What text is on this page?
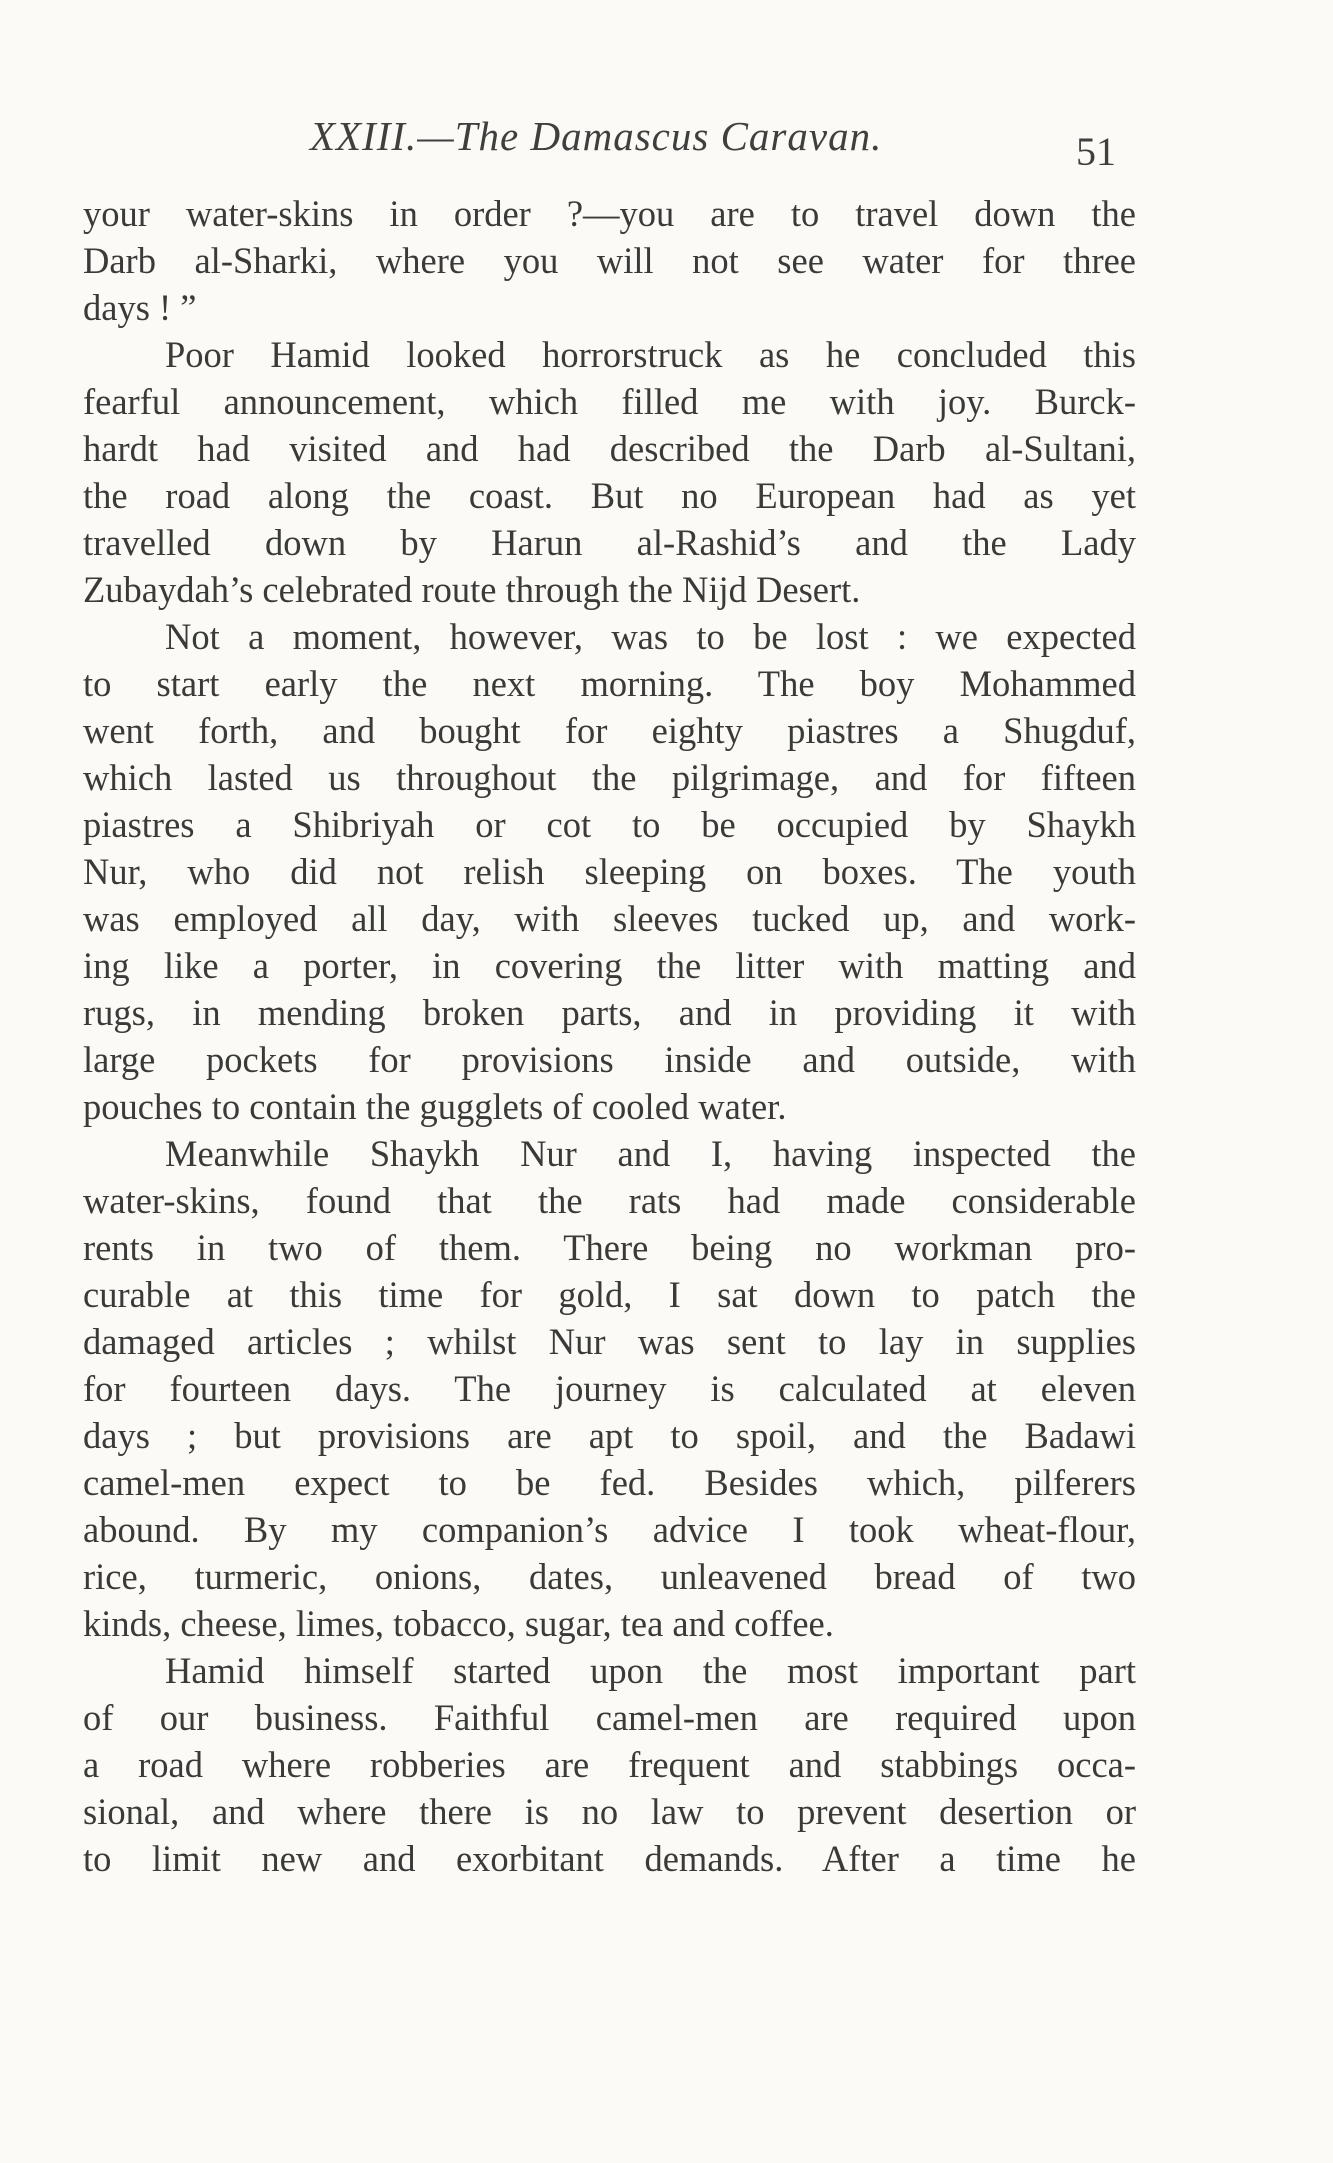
XXIII.—The Damascus Caravan.	51
your water-skins in order ?—you are to travel down the
Darb al-Sharki, where you will not see water for three
days ! ”
Poor Hamid looked horrorstruck as he concluded this
fearful announcement, which filled me with joy. Burck-
hardt had visited and had described the Darb al-Sultani,
the road along the coast. But no European had as yet
travelled down by Harun al-Rashid’s and the Lady
Zubaydah’s celebrated route through the Nijd Desert.
Not a moment, however, was to be lost : we expected
to start early the next morning. The boy Mohammed
went forth, and bought for eighty piastres a Shugduf,
which lasted us throughout the pilgrimage, and for fifteen
piastres a Shibriyah or cot to be occupied by Shaykh
Nur, who did not relish sleeping on boxes. The youth
was employed all day, with sleeves tucked up, and work-
ing like a porter, in covering the litter with matting and
rugs, in mending broken parts, and in providing it with
large pockets for provisions inside and outside, with
pouches to contain the gugglets of cooled water.
Meanwhile Shaykh Nur and I, having inspected the
water-skins, found that the rats had made considerable
rents in two of them. There being no workman pro-
curable at this time for gold, I sat down to patch the
damaged articles ; whilst Nur was sent to lay in supplies
for fourteen days. The journey is calculated at eleven
days ; but provisions are apt to spoil, and the Badawi
camel-men expect to be fed. Besides which, pilferers
abound. By my companion’s advice I took wheat-flour,
rice, turmeric, onions, dates, unleavened bread of two
kinds, cheese, limes, tobacco, sugar, tea and coffee.
Hamid himself started upon the most important part
of our business. Faithful camel-men are required upon
a road where robberies are frequent and stabbings occa-
sional, and where there is no law to prevent desertion or
to limit new and exorbitant demands. After a time he
